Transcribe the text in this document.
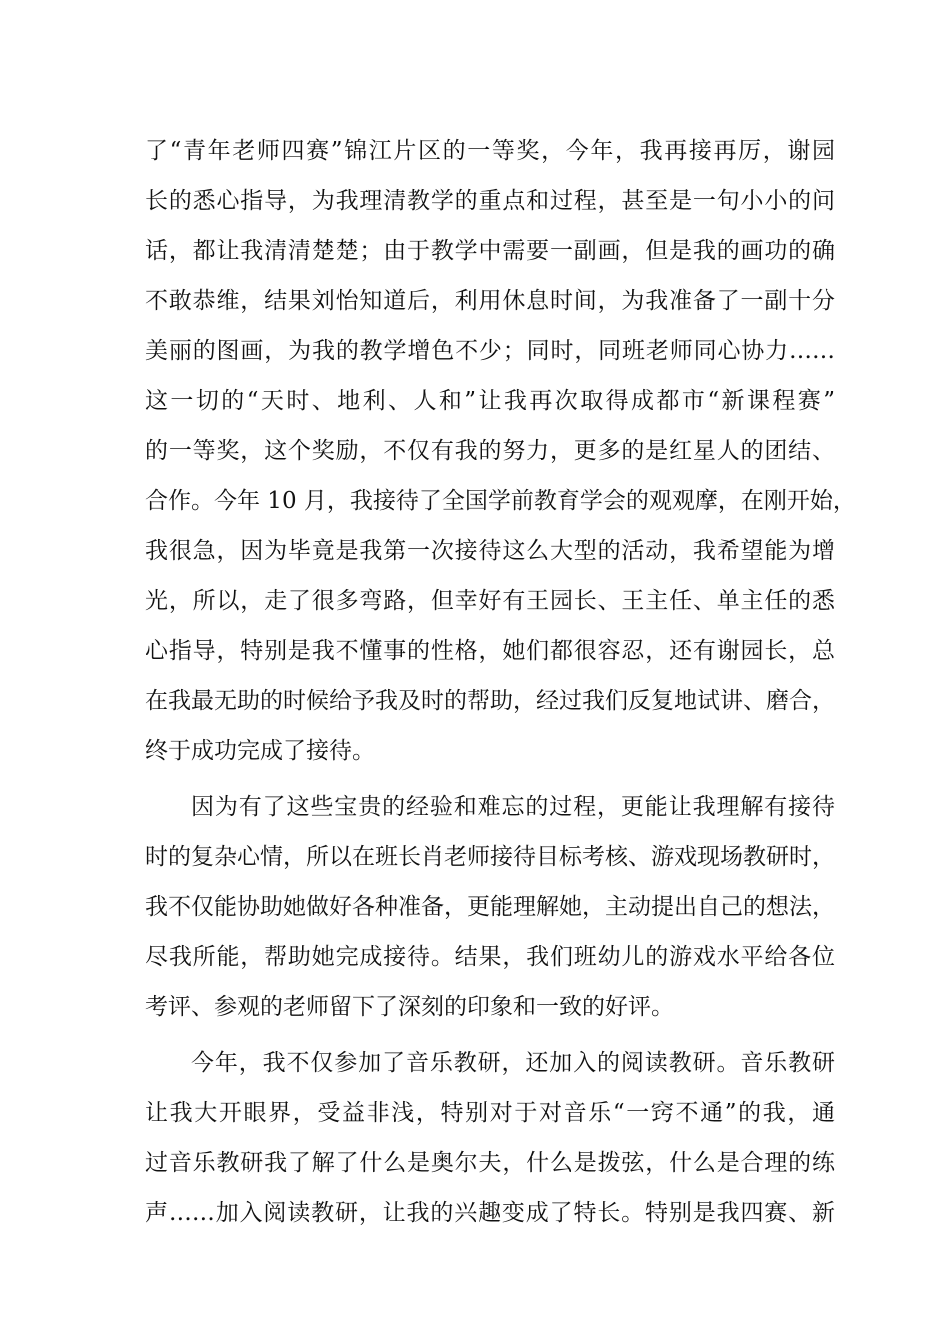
了“青年老师四赛”锦江片区的一等奖，今年，我再接再厉，谢园
长的悉心指导，为我理清教学的重点和过程，甚至是一句小小的问
话，都让我清清楚楚；由于教学中需要一副画，但是我的画功的确
不敢恭维，结果刘怡知道后，利用休息时间，为我准备了一副十分
美丽的图画，为我的教学增色不少；同时，同班老师同心协力……
这一切的“天时、地利、人和”让我再次取得成都市“新课程赛”
的一等奖，这个奖励，不仅有我的努力，更多的是红星人的团结、
合作。今年 10 月，我接待了全国学前教育学会的观观摩，在刚开始，
我很急，因为毕竟是我第一次接待这么大型的活动，我希望能为增
光，所以，走了很多弯路，但幸好有王园长、王主任、单主任的悉
心指导，特别是我不懂事的性格，她们都很容忍，还有谢园长，总
在我最无助的时候给予我及时的帮助，经过我们反复地试讲、磨合，
终于成功完成了接待。
因为有了这些宝贵的经验和难忘的过程，更能让我理解有接待
时的复杂心情，所以在班长肖老师接待目标考核、游戏现场教研时，
我不仅能协助她做好各种准备，更能理解她，主动提出自己的想法，
尽我所能，帮助她完成接待。结果，我们班幼儿的游戏水平给各位
考评、参观的老师留下了深刻的印象和一致的好评。
今年，我不仅参加了音乐教研，还加入的阅读教研。音乐教研
让我大开眼界，受益非浅，特别对于对音乐“一窍不通”的我，通
过音乐教研我了解了什么是奥尔夫，什么是拨弦，什么是合理的练
声……加入阅读教研，让我的兴趣变成了特长。特别是我四赛、新
